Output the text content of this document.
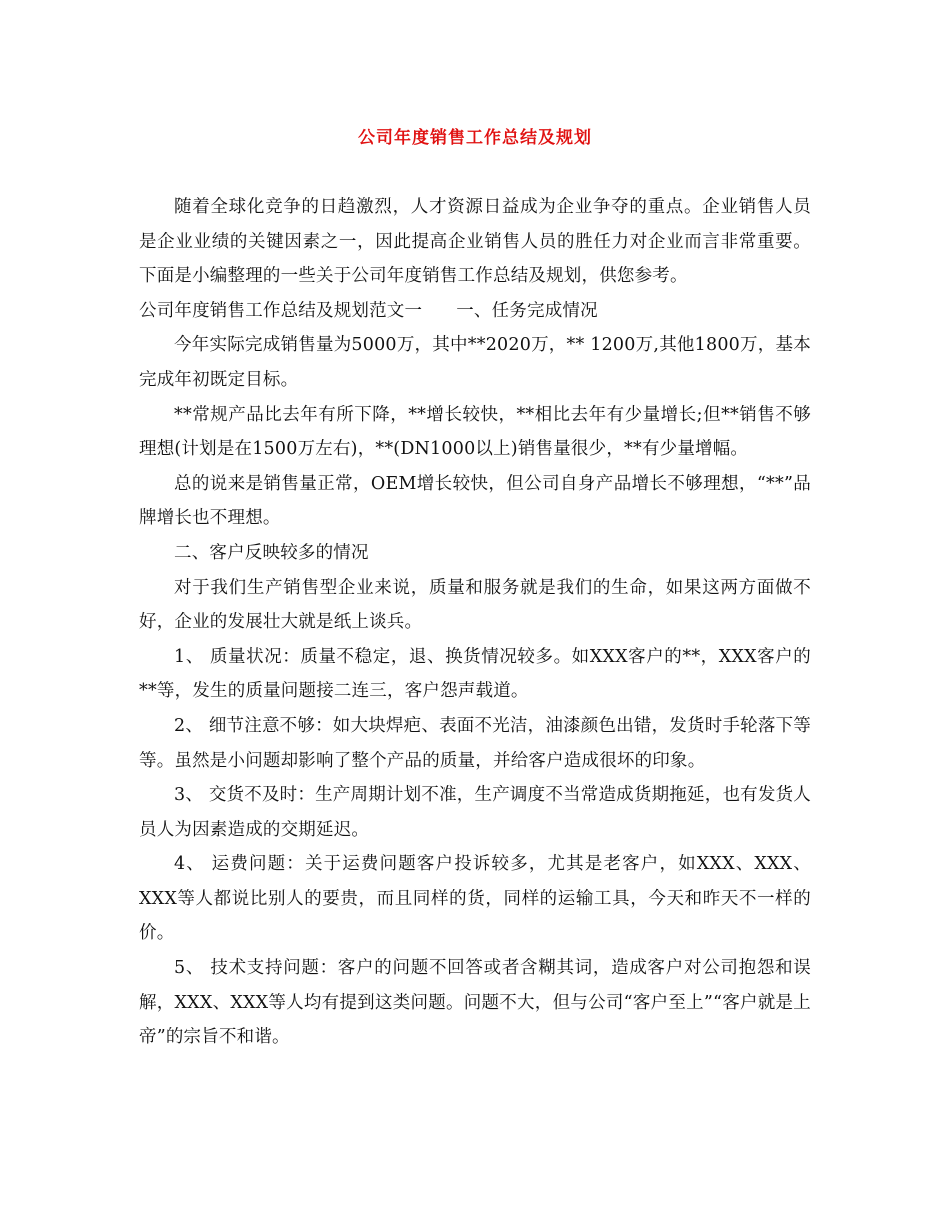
公司年度销售工作总结及规划

随着全球化竞争的日趋激烈，人才资源日益成为企业争夺的重点。企业销售人员是企业业绩的关键因素之一，因此提高企业销售人员的胜任力对企业而言非常重要。下面是小编整理的一些关于公司年度销售工作总结及规划，供您参考。

公司年度销售工作总结及规划范文一 一、任务完成情况

今年实际完成销售量为5000万，其中**2020万，** 1200万,其他1800万，基本完成年初既定目标。

**常规产品比去年有所下降，**增长较快，**相比去年有少量增长;但**销售不够理想(计划是在1500万左右)，**(DN1000以上)销售量很少，**有少量增幅。

总的说来是销售量正常，OEM增长较快，但公司自身产品增长不够理想，“**”品牌增长也不理想。

二、客户反映较多的情况

对于我们生产销售型企业来说，质量和服务就是我们的生命，如果这两方面做不好，企业的发展壮大就是纸上谈兵。

1、 质量状况：质量不稳定，退、换货情况较多。如XXX客户的**，XXX客户的**等，发生的质量问题接二连三，客户怨声载道。

2、 细节注意不够：如大块焊疤、表面不光洁，油漆颜色出错，发货时手轮落下等等。虽然是小问题却影响了整个产品的质量，并给客户造成很坏的印象。

3、 交货不及时：生产周期计划不准，生产调度不当常造成货期拖延，也有发货人员人为因素造成的交期延迟。

4、 运费问题：关于运费问题客户投诉较多，尤其是老客户，如XXX、XXX、XXX等人都说比别人的要贵，而且同样的货，同样的运输工具，今天和昨天不一样的价。

5、 技术支持问题：客户的问题不回答或者含糊其词，造成客户对公司抱怨和误解，XXX、XXX等人均有提到这类问题。问题不大，但与公司“客户至上”“客户就是上帝”的宗旨不和谐。
